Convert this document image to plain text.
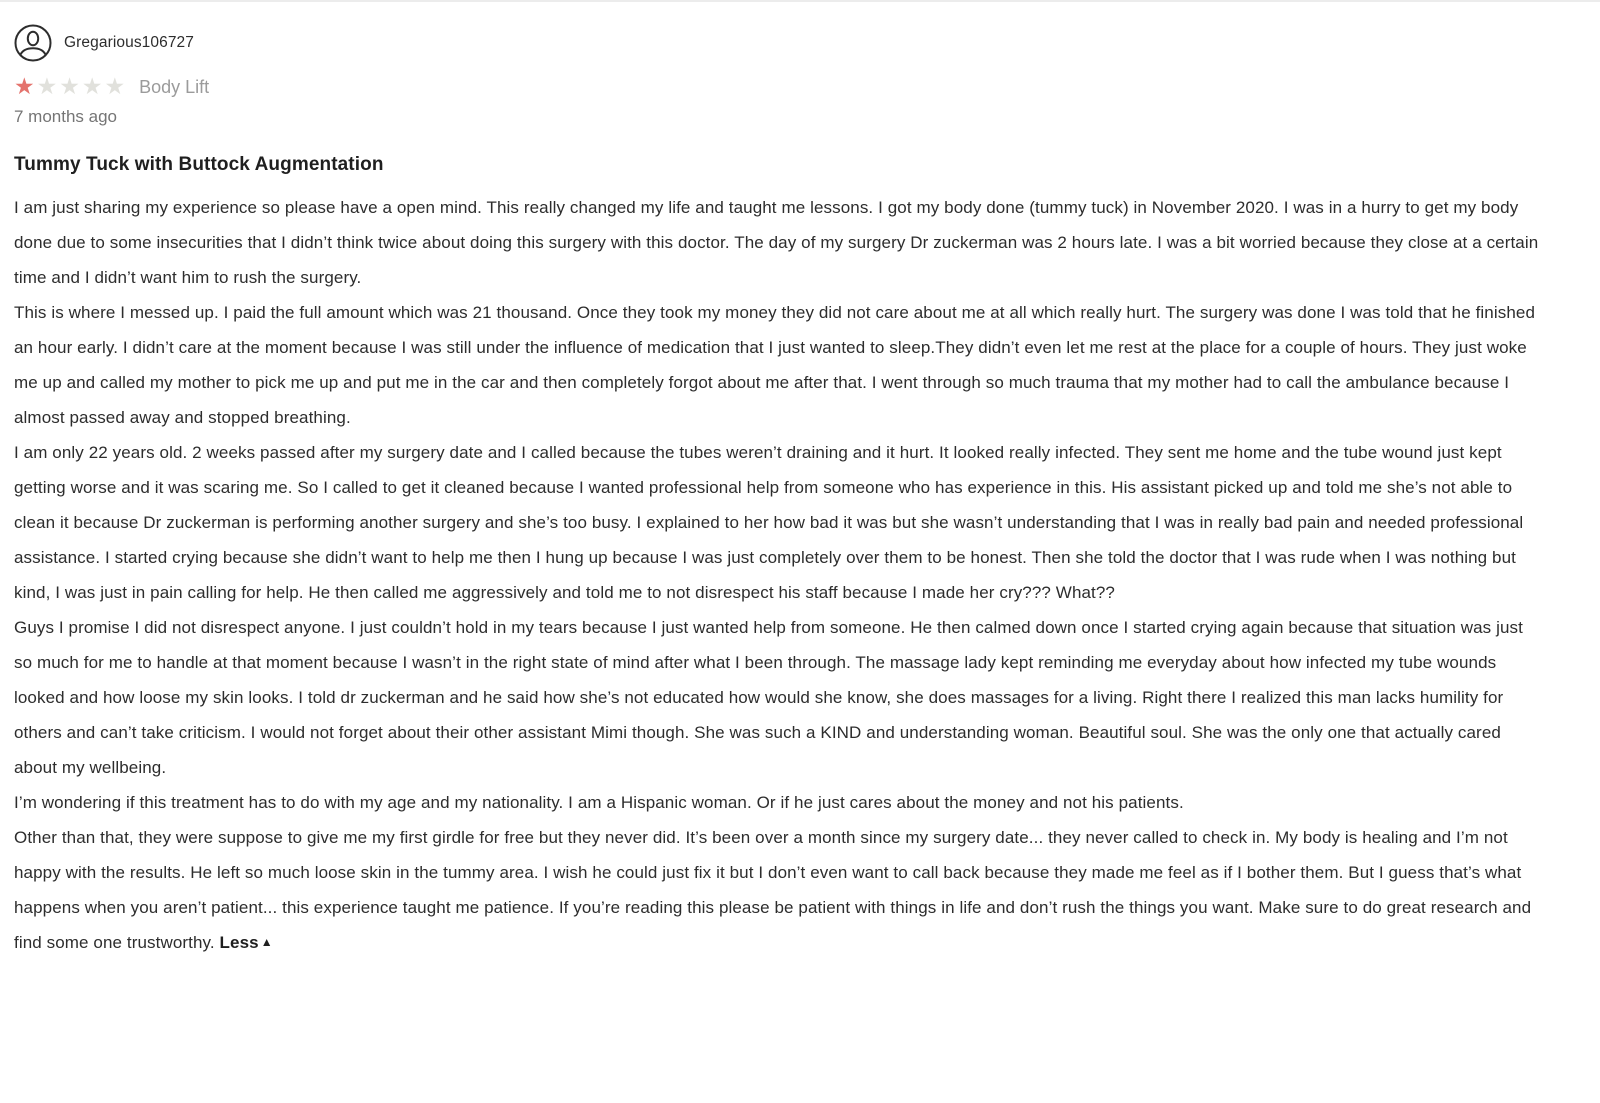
Gregarious106727
★ ★ ★ ★ ★ Body Lift
7 months ago
Tummy Tuck with Buttock Augmentation
I am just sharing my experience so please have a open mind. This really changed my life and taught me lessons. I got my body done (tummy tuck) in November 2020. I was in a hurry to get my body done due to some insecurities that I didn’t think twice about doing this surgery with this doctor. The day of my surgery Dr zuckerman was 2 hours late. I was a bit worried because they close at a certain time and I didn’t want him to rush the surgery.
This is where I messed up. I paid the full amount which was 21 thousand. Once they took my money they did not care about me at all which really hurt. The surgery was done I was told that he finished an hour early. I didn’t care at the moment because I was still under the influence of medication that I just wanted to sleep.They didn’t even let me rest at the place for a couple of hours. They just woke me up and called my mother to pick me up and put me in the car and then completely forgot about me after that. I went through so much trauma that my mother had to call the ambulance because I almost passed away and stopped breathing.
I am only 22 years old. 2 weeks passed after my surgery date and I called because the tubes weren’t draining and it hurt. It looked really infected. They sent me home and the tube wound just kept getting worse and it was scaring me. So I called to get it cleaned because I wanted professional help from someone who has experience in this. His assistant picked up and told me she’s not able to clean it because Dr zuckerman is performing another surgery and she’s too busy. I explained to her how bad it was but she wasn’t understanding that I was in really bad pain and needed professional assistance. I started crying because she didn’t want to help me then I hung up because I was just completely over them to be honest. Then she told the doctor that I was rude when I was nothing but kind, I was just in pain calling for help. He then called me aggressively and told me to not disrespect his staff because I made her cry??? What??
Guys I promise I did not disrespect anyone. I just couldn’t hold in my tears because I just wanted help from someone. He then calmed down once I started crying again because that situation was just so much for me to handle at that moment because I wasn’t in the right state of mind after what I been through. The massage lady kept reminding me everyday about how infected my tube wounds looked and how loose my skin looks. I told dr zuckerman and he said how she’s not educated how would she know, she does massages for a living. Right there I realized this man lacks humility for others and can’t take criticism. I would not forget about their other assistant Mimi though. She was such a KIND and understanding woman. Beautiful soul. She was the only one that actually cared about my wellbeing.
I’m wondering if this treatment has to do with my age and my nationality. I am a Hispanic woman. Or if he just cares about the money and not his patients.
Other than that, they were suppose to give me my first girdle for free but they never did. It’s been over a month since my surgery date... they never called to check in. My body is healing and I’m not happy with the results. He left so much loose skin in the tummy area. I wish he could just fix it but I don’t even want to call back because they made me feel as if I bother them. But I guess that’s what happens when you aren’t patient... this experience taught me patience. If you’re reading this please be patient with things in life and don’t rush the things you want. Make sure to do great research and find some one trustworthy. Less ▲
